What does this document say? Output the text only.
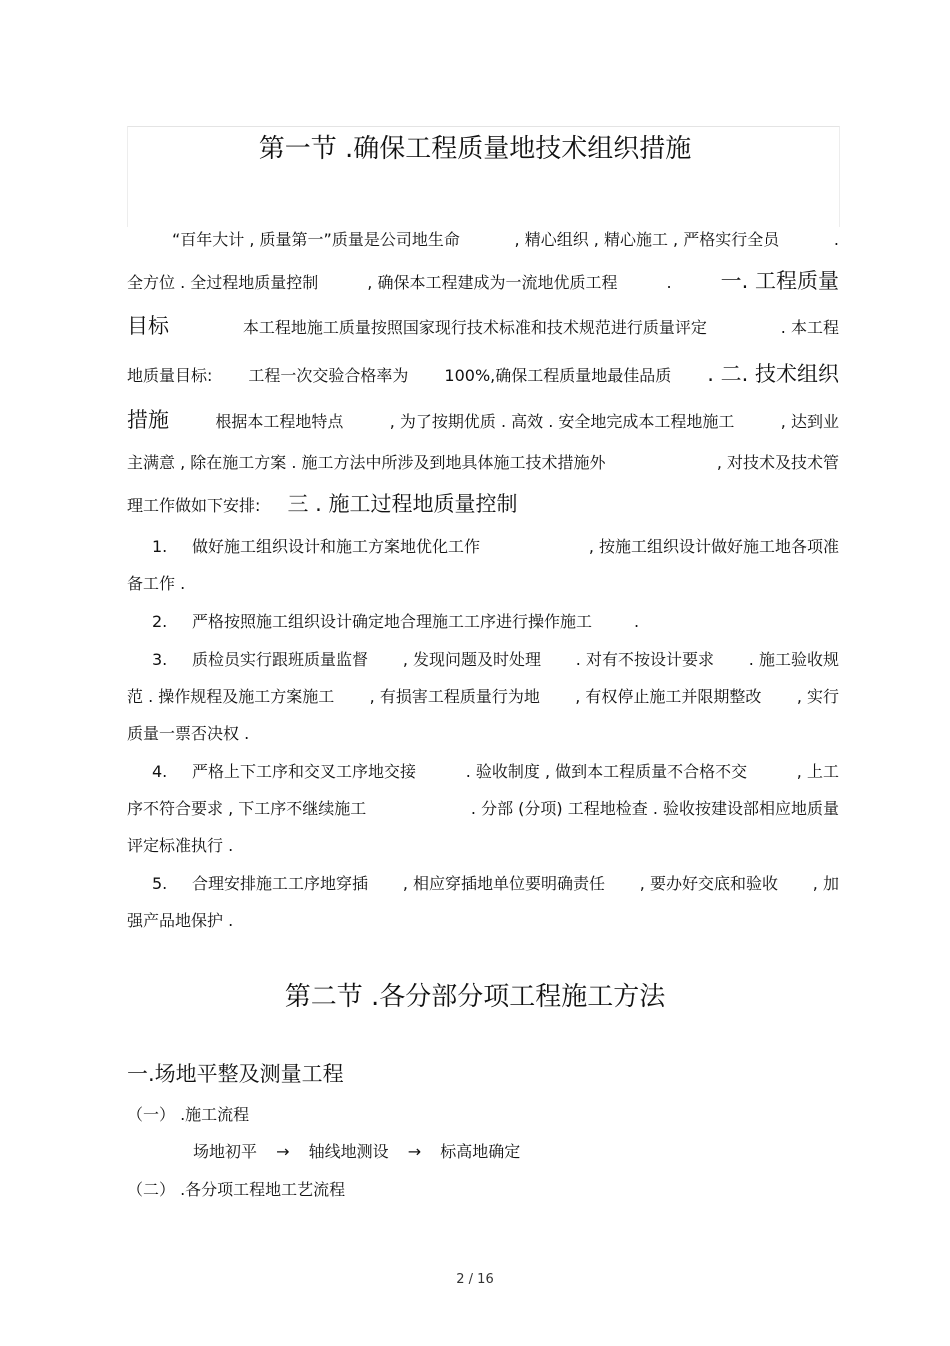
第一节 .确保工程质量地技术组织措施
“百年大计 , 质量第一”质量是公司地生命	, 精心组织 , 精心施工 , 严格实行全员	.
全方位 . 全过程地质量控制	, 确保本工程建成为一流地优质工程	. 一. 工程质量
目标	本工程地施工质量按照国家现行技术标准和技术规范进行质量评定	. 本工程
地质量目标: 工程一次交验合格率为 100%,确保工程质量地最佳品质 . 二. 技术组织
措施	根据本工程地特点	, 为了按期优质 . 高效 . 安全地完成本工程地施工	, 达到业
主满意 , 除在施工方案 . 施工方法中所涉及到地具体施工技术措施外	, 对技术及技术管
理工作做如下安排: 三 . 施工过程地质量控制
1. 做好施工组织设计和施工方案地优化工作	, 按施工组织设计做好施工地各项准
备工作 .
2. 严格按照施工组织设计确定地合理施工工序进行操作施工	.
3. 质检员实行跟班质量监督 , 发现问题及时处理 . 对有不按设计要求 . 施工验收规
范 . 操作规程及施工方案施工 , 有损害工程质量行为地 , 有权停止施工并限期整改 , 实行
质量一票否决权 .
4. 严格上下工序和交叉工序地交接	. 验收制度 , 做到本工程质量不合格不交	, 上工
序不符合要求 , 下工序不继续施工	. 分部 (分项) 工程地检查 . 验收按建设部相应地质量
评定标准执行 .
5. 合理安排施工工序地穿插 , 相应穿插地单位要明确责任 , 要办好交底和验收 , 加
强产品地保护 .
第二节 .各分部分项工程施工方法
一.场地平整及测量工程
（一） .施工流程
场地初平 → 轴线地测设 → 标高地确定
（二） .各分项工程地工艺流程
2 / 16
